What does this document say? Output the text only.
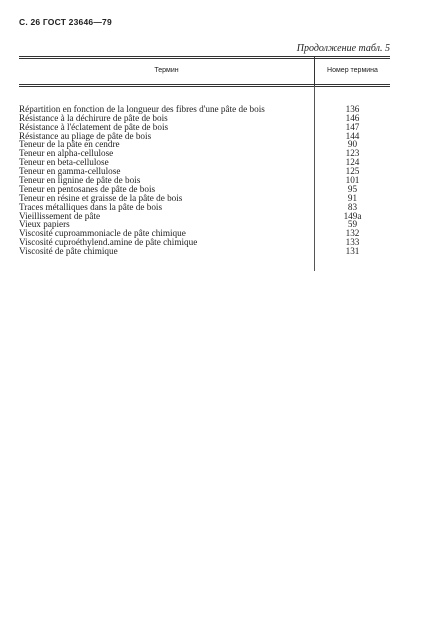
С. 26 ГОСТ 23646—79
Продолжение табл. 5
Термин	Номер термина
Répartition en fonction de la longueur des fibres d'une pâte de bois	136
Résistance à la déchirure de pâte de bois	146
Résistance à l'éclatement de pâte de bois	147
Résistance au pliage de pâte de bois	144
Teneur de la pâte en cendre	90
Teneur en alpha-cellulose	123
Teneur en beta-cellulose	124
Teneur en gamma-cellulose	125
Teneur en lignine de pâte de bois	101
Teneur en pentosanes de pâte de bois	95
Teneur en résine et graisse de la pâte de bois	91
Traces métalliques dans la pâte de bois	83
Vieillissement de pâte	149a
Vieux papiers	59
Viscosité cuproammoniacle de pâte chimique	132
Viscosité cuproéthylend.amine de pâte chimique	133
Viscosité de pâte chimique	131
